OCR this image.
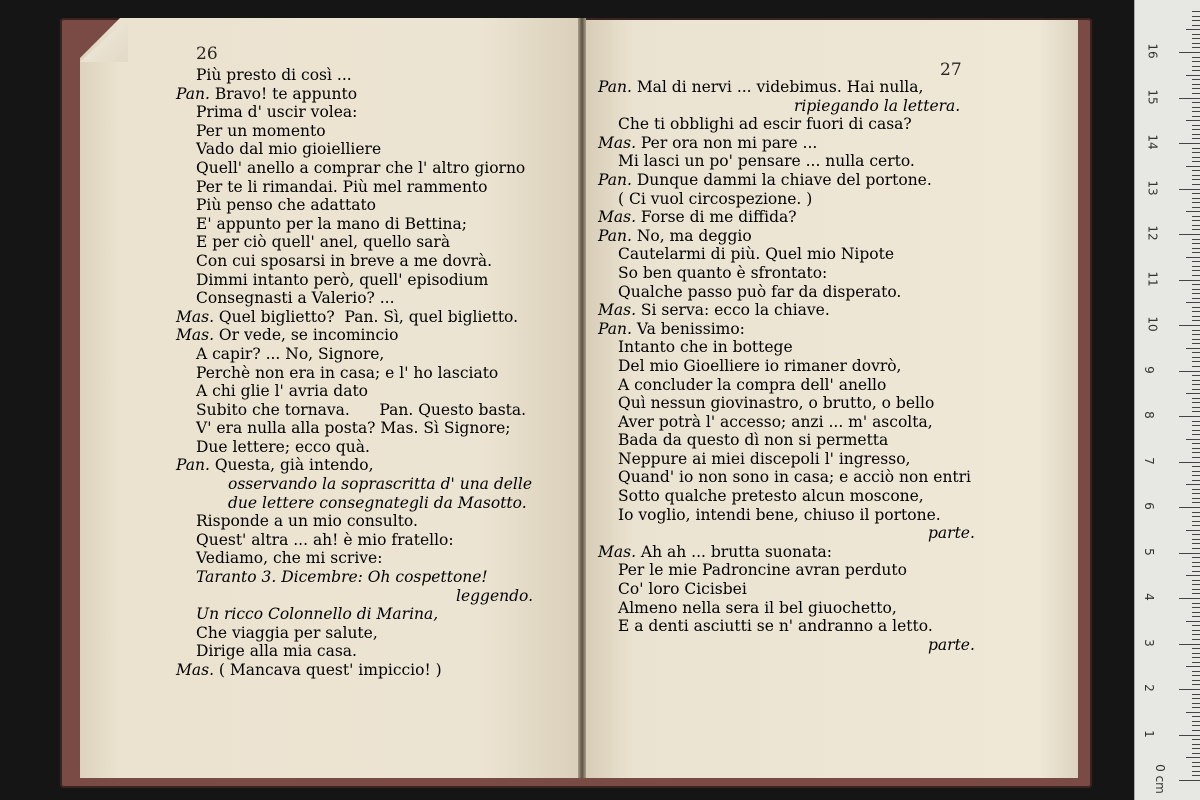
26
27
Più presto di così ...
Pan. Bravo! te appunto
Prima d' uscir volea:
Per un momento
Vado dal mio gioielliere
Quell' anello a comprar che l' altro giorno
Per te li rimandai. Più mel rammento
Più penso che adattato
E' appunto per la mano di Bettina;
E per ciò quell' anel, quello sarà
Con cui sposarsi in breve a me dovrà.
Dimmi intanto però, quell' episodium
Consegnasti a Valerio? ...
Mas. Quel biglietto?  Pan. Sì, quel biglietto.
Mas. Or vede, se incomincio
A capir? ... No, Signore,
Perchè non era in casa; e l' ho lasciato
A chi glie l' avria dato
Subito che tornava.      Pan. Questo basta.
V' era nulla alla posta? Mas. Sì Signore;
Due lettere; ecco quà.
Pan. Questa, già intendo,
osservando la soprascritta d' una delle
due lettere consegnategli da Masotto.
Risponde a un mio consulto.
Quest' altra ... ah! è mio fratello:
Vediamo, che mi scrive:
Taranto 3. Dicembre: Oh cospettone!
leggendo.
Un ricco Colonnello di Marina,
Che viaggia per salute,
Dirige alla mia casa.
Mas. ( Mancava quest' impiccio! )
Pan. Mal di nervi ... videbimus. Hai nulla,
ripiegando la lettera.
Che ti obblighi ad escir fuori di casa?
Mas. Per ora non mi pare ...
Mi lasci un po' pensare ... nulla certo.
Pan. Dunque dammi la chiave del portone.
( Ci vuol circospezione. )
Mas. Forse di me diffida?
Pan. No, ma deggio
Cautelarmi di più. Quel mio Nipote
So ben quanto è sfrontato:
Qualche passo può far da disperato.
Mas. Si serva: ecco la chiave.
Pan. Va benissimo:
Intanto che in bottege
Del mio Gioelliere io rimaner dovrò,
A concluder la compra dell' anello
Quì nessun giovinastro, o brutto, o bello
Aver potrà l' accesso; anzi ... m' ascolta,
Bada da questo dì non si permetta
Neppure ai miei discepoli l' ingresso,
Quand' io non sono in casa; e acciò non entri
Sotto qualche pretesto alcun moscone,
Io voglio, intendi bene, chiuso il portone.
parte.
Mas. Ah ah ... brutta suonata:
Per le mie Padroncine avran perduto
Co' loro Cicisbei
Almeno nella sera il bel giuochetto,
E a denti asciutti se n' andranno a letto.
parte.
0 cm
1
2
3
4
5
6
7
8
9
10
11
12
13
14
15
16
